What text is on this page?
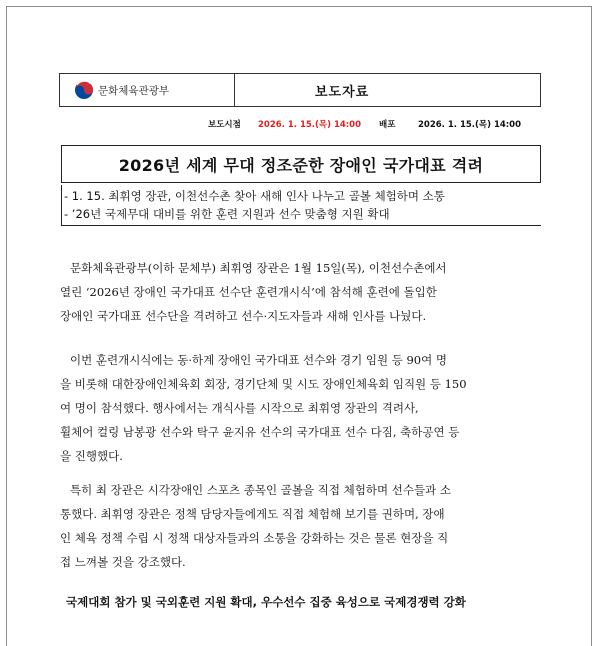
문화체육관광부	보도자료
보도시점 2026. 1. 15.(목) 14:00 배포	2026. 1. 15.(목) 14:00
2026년 세계 무대 정조준한 장애인 국가대표 격려
- 1. 15. 최휘영 장관, 이천선수촌 찾아 새해 인사 나누고 골볼 체험하며 소통
- ’26년 국제무대 대비를 위한 훈련 지원과 선수 맞춤형 지원 확대
문화체육관광부(이하 문체부) 최휘영 장관은 1월 15일(목), 이천선수촌에서
열린 ‘2026년 장애인 국가대표 선수단 훈련개시식’에 참석해 훈련에 돌입한
장애인 국가대표 선수단을 격려하고 선수·지도자들과 새해 인사를 나눴다.
이번 훈련개시식에는 동·하계 장애인 국가대표 선수와 경기 임원 등 90여 명
을 비롯해 대한장애인체육회 회장, 경기단체 및 시도 장애인체육회 임직원 등 150
여 명이 참석했다. 행사에서는 개식사를 시작으로 최휘영 장관의 격려사,
휠체어 컬링 남봉광 선수와 탁구 윤지유 선수의 국가대표 선수 다짐, 축하공연 등
을 진행했다.
특히 최 장관은 시각장애인 스포츠 종목인 골볼을 직접 체험하며 선수들과 소
통했다. 최휘영 장관은 정책 담당자들에게도 직접 체험해 보기를 권하며, 장애
인 체육 정책 수립 시 정책 대상자들과의 소통을 강화하는 것은 물론 현장을 직
접 느껴볼 것을 강조했다.
국제대회 참가 및 국외훈련 지원 확대, 우수선수 집중 육성으로 국제경쟁력 강화
